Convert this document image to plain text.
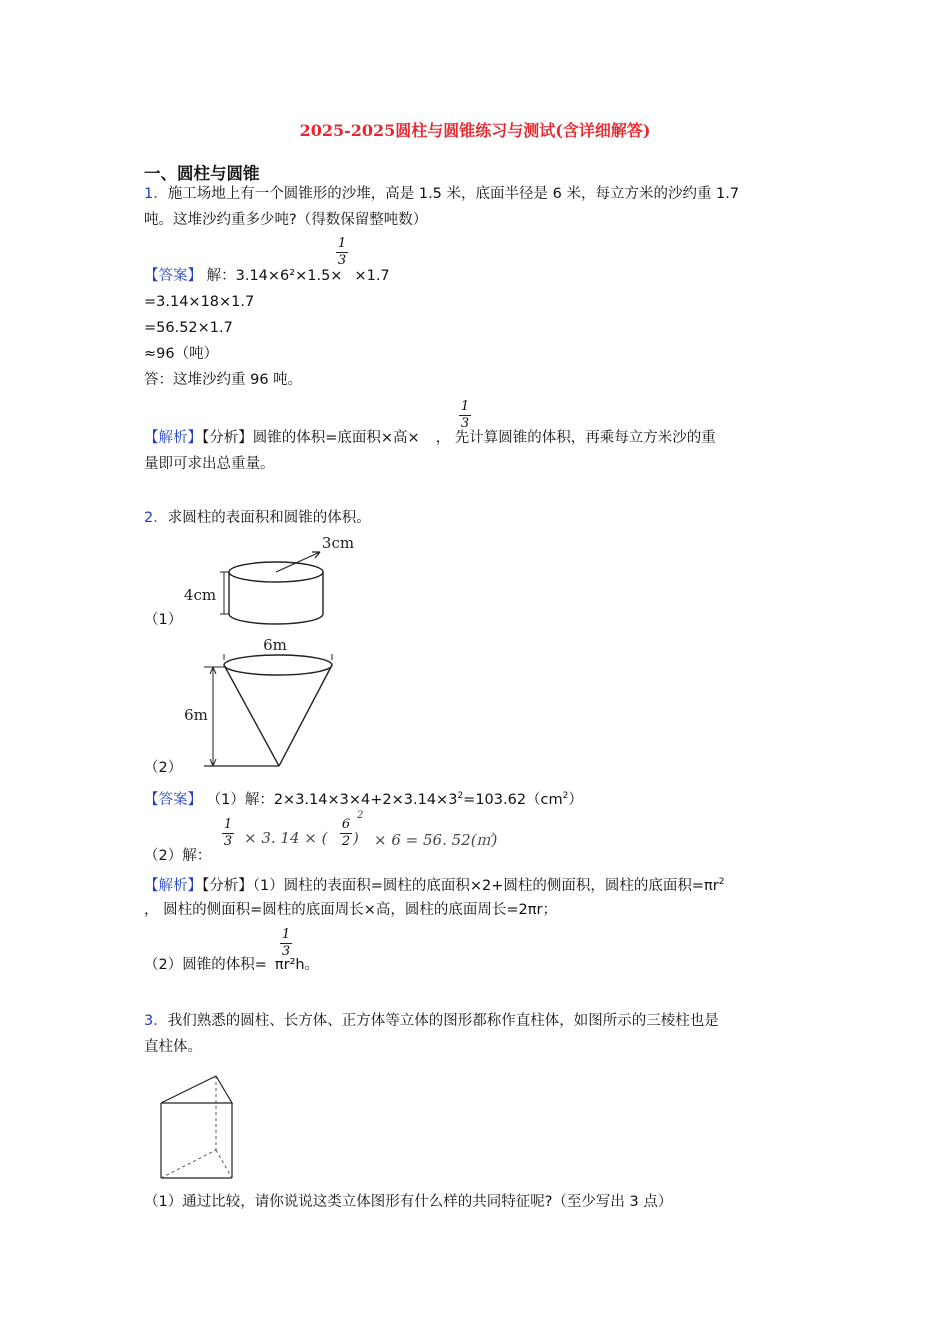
2025-2025圆柱与圆锥练习与测试(含详细解答)
一、圆柱与圆锥
1．施工场地上有一个圆锥形的沙堆，高是 1.5 米，底面半径是 6 米，每立方米的沙约重 1.7
吨。这堆沙约重多少吨?（得数保留整吨数）
【答案】 解：3.14×6²×1.5× ×1.7
1
3
=3.14×18×1.7
=56.52×1.7
≈96（吨）
答：这堆沙约重 96 吨。
【解析】【分析】圆锥的体积=底面积×高× ， 先计算圆锥的体积，再乘每立方米沙的重
1
3
量即可求出总重量。
2．求圆柱的表面积和圆锥的体积。
3cm
4cm
（1）
6m
6m
（2）
【答案】 （1）解：$2\times 3.14\times 3\times 4+2\times 3.14\times 3^2=103.62(cm^2)$
（2）解：
1
3 × 3. 14 × (
6
2 )
2
× 6 = 56. 52(㎡)
【解析】【分析】（1）圆柱的表面积=圆柱的底面积×2+圆柱的侧面积，圆柱的底面积$=\pi r^2$
， 圆柱的侧面积=圆柱的底面周长×高，圆柱的底面周长=2πr；
（2）圆锥的体积= πr²h。
1
3
3．我们熟悉的圆柱、长方体、正方体等立体的图形都称作直柱体，如图所示的三棱柱也是
直柱体。
（1）通过比较，请你说说这类立体图形有什么样的共同特征呢?（至少写出 3 点）
